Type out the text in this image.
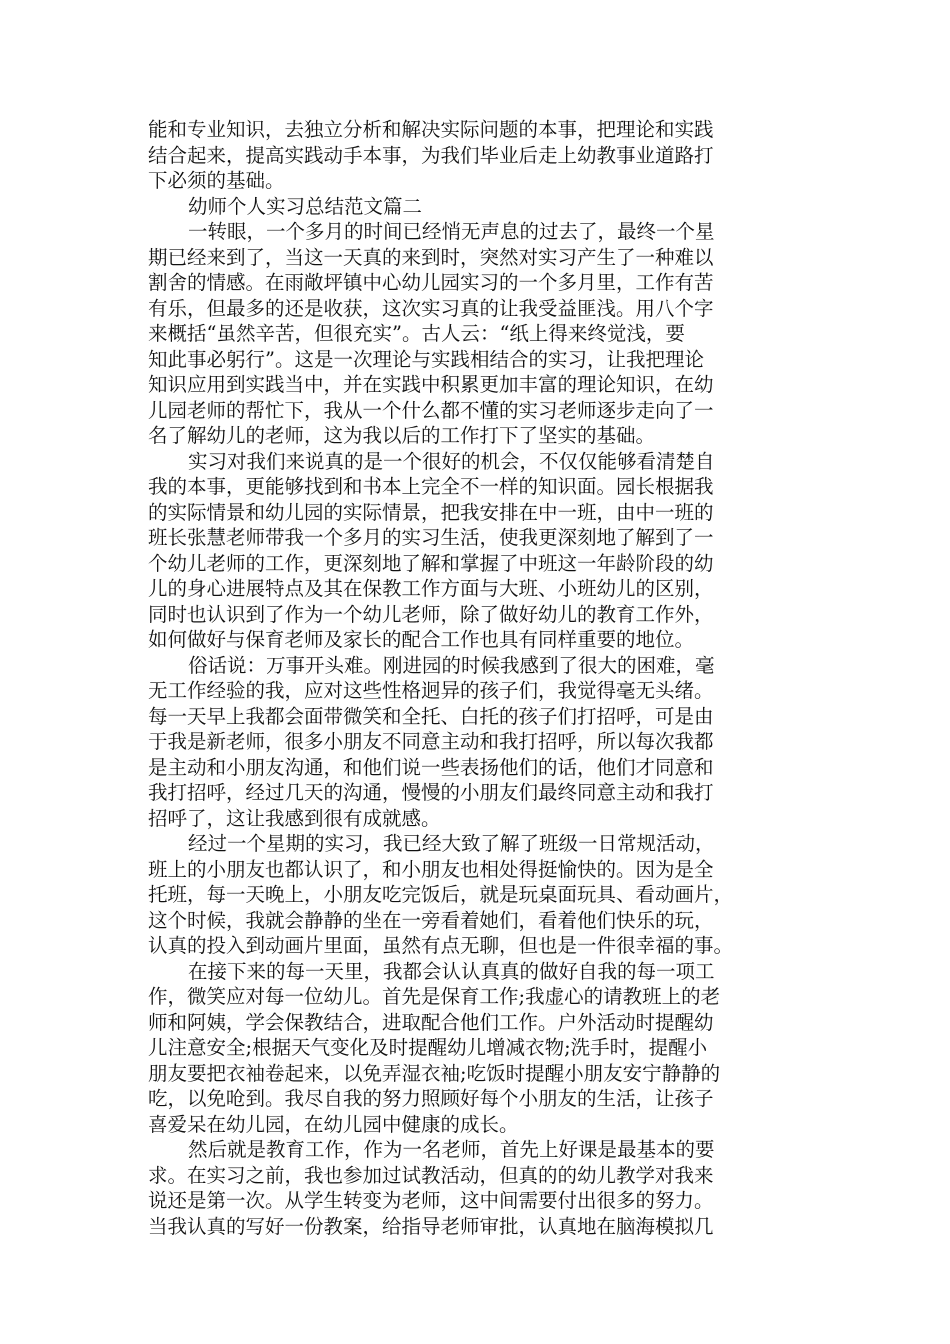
能和专业知识，去独立分析和解决实际问题的本事，把理论和实践
结合起来，提高实践动手本事，为我们毕业后走上幼教事业道路打
下必须的基础。
幼师个人实习总结范文篇二
一转眼，一个多月的时间已经悄无声息的过去了，最终一个星
期已经来到了，当这一天真的来到时，突然对实习产生了一种难以
割舍的情感。在雨敞坪镇中心幼儿园实习的一个多月里，工作有苦
有乐，但最多的还是收获，这次实习真的让我受益匪浅。用八个字
来概括“虽然辛苦，但很充实”。古人云：“纸上得来终觉浅，要
知此事必躬行”。这是一次理论与实践相结合的实习，让我把理论
知识应用到实践当中，并在实践中积累更加丰富的理论知识，在幼
儿园老师的帮忙下，我从一个什么都不懂的实习老师逐步走向了一
名了解幼儿的老师，这为我以后的工作打下了坚实的基础。
实习对我们来说真的是一个很好的机会，不仅仅能够看清楚自
我的本事，更能够找到和书本上完全不一样的知识面。园长根据我
的实际情景和幼儿园的实际情景，把我安排在中一班，由中一班的
班长张慧老师带我一个多月的实习生活，使我更深刻地了解到了一
个幼儿老师的工作，更深刻地了解和掌握了中班这一年龄阶段的幼
儿的身心进展特点及其在保教工作方面与大班、小班幼儿的区别，
同时也认识到了作为一个幼儿老师，除了做好幼儿的教育工作外，
如何做好与保育老师及家长的配合工作也具有同样重要的地位。
俗话说：万事开头难。刚进园的时候我感到了很大的困难，毫
无工作经验的我，应对这些性格迥异的孩子们，我觉得毫无头绪。
每一天早上我都会面带微笑和全托、白托的孩子们打招呼，可是由
于我是新老师，很多小朋友不同意主动和我打招呼，所以每次我都
是主动和小朋友沟通，和他们说一些表扬他们的话，他们才同意和
我打招呼，经过几天的沟通，慢慢的小朋友们最终同意主动和我打
招呼了，这让我感到很有成就感。
经过一个星期的实习，我已经大致了解了班级一日常规活动，
班上的小朋友也都认识了，和小朋友也相处得挺愉快的。因为是全
托班，每一天晚上，小朋友吃完饭后，就是玩桌面玩具、看动画片，
这个时候，我就会静静的坐在一旁看着她们，看着他们快乐的玩，
认真的投入到动画片里面，虽然有点无聊，但也是一件很幸福的事。
在接下来的每一天里，我都会认认真真的做好自我的每一项工
作，微笑应对每一位幼儿。首先是保育工作;我虚心的请教班上的老
师和阿姨，学会保教结合，进取配合他们工作。户外活动时提醒幼
儿注意安全;根据天气变化及时提醒幼儿增减衣物;洗手时，提醒小
朋友要把衣袖卷起来，以免弄湿衣袖;吃饭时提醒小朋友安宁静静的
吃，以免呛到。我尽自我的努力照顾好每个小朋友的生活，让孩子
喜爱呆在幼儿园，在幼儿园中健康的成长。
然后就是教育工作，作为一名老师，首先上好课是最基本的要
求。在实习之前，我也参加过试教活动，但真的的幼儿教学对我来
说还是第一次。从学生转变为老师，这中间需要付出很多的努力。
当我认真的写好一份教案，给指导老师审批，认真地在脑海模拟几
